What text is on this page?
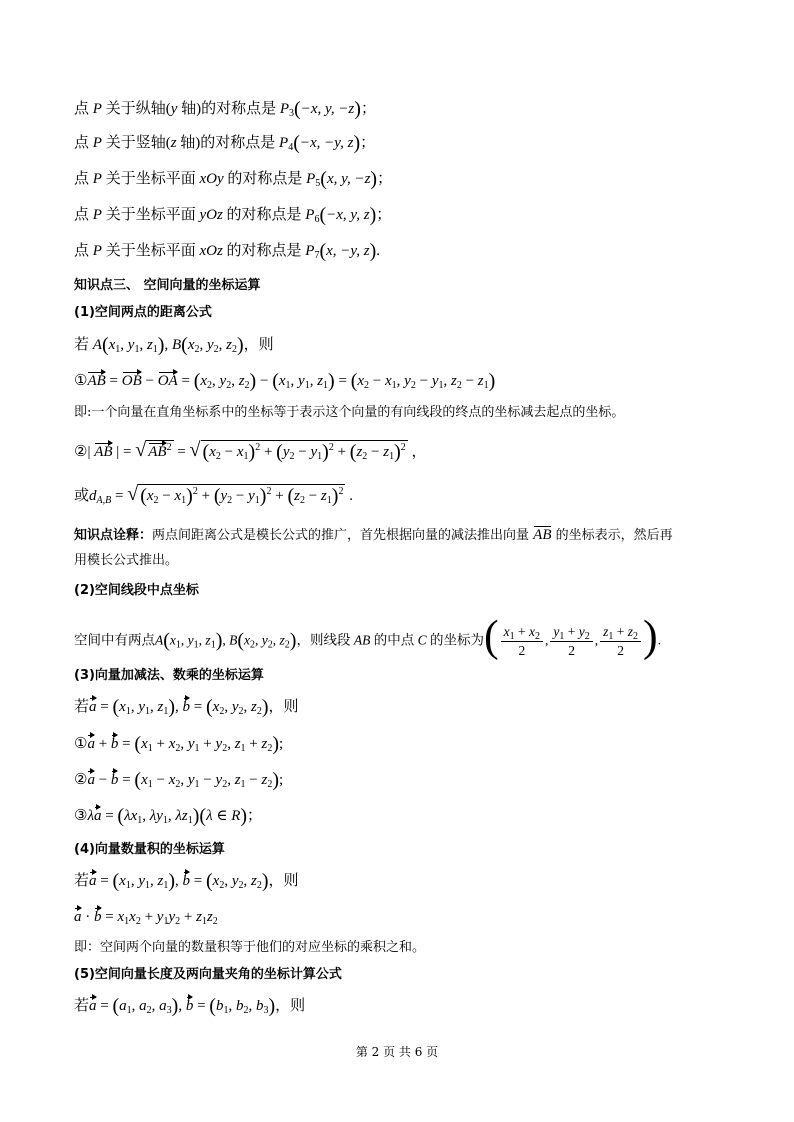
点 P 关于纵轴(y 轴)的对称点是 $P_3(-x$, y, −z)；
点 P 关于竖轴(z 轴)的对称点是 $P_4(-x$, −y, z)；
点 P 关于坐标平面 xOy 的对称点是 $P_5(x$, y, −z)；
点 P 关于坐标平面 yOz 的对称点是 $P_6(-x$, y, z)；
点 P 关于坐标平面 xOz 的对称点是 $P_7(x$, −y, z).
知识点三、 空间向量的坐标运算
(1)空间两点的距离公式
若 $A(x_1$, $y_1$, $z_1$), $B(x_2$, $y_2$, $z_2$)，则
①AB = OB − OA = ($x_2$, $y_2$, $z_2) - (x_1$, $y_1$, $z_1) = (x_2 - x_1$, $y_2 - y_1$, $z_2 - z_1$)
即:一个向量在直角坐标系中的坐标等于表示这个向量的有向线段的终点的坐标减去起点的坐标。
②| AB | = √ $AB^2$ = √ $(x_2 - x_1)^2 + (y_2 - y_1)^2 + (z_2 - z_1)^2$ ，
或$d_{A,B}$ = √ $(x_2 - x_1)^2 + (y_2 - y_1)^2 + (z_2 - z_1)^2$ .
知识点诠释：两点间距离公式是模长公式的推广，首先根据向量的减法推出向量 AB 的坐标表示，然后再
用模长公式推出。
(2)空间线段中点坐标
空间中有两点$A(x_1$, $y_1$, $z_1$), $B(x_2$, $y_2$, $z_2$)，则线段 AB 的中点 C 的坐标为( $\frac{x_1 + x_2}{2}$ , $\frac{y_1 + y_2}{2}$ , $\frac{z_1 + z_2}{2}$ ).
(3)向量加减法、数乘的坐标运算
若$a = (x_1$, $y_1$, $z_1$), $b = (x_2$, $y_2$, $z_2$)，则
①a + $b = (x_1 + x_2$, $y_1 + y_2$, $z_1 + z_2$);
②a − $b = (x_1 - x_2$, $y_1 - y_2$, $z_1 - z_2$);
③λa = ($\lambda x_1$, $\lambda y_1$, $\lambda z_1)(\lambda$ ∈ R)；
(4)向量数量积的坐标运算
若$a = (x_1$, $y_1$, $z_1$), $b = (x_2$, $y_2$, $z_2$)，则
$a \cdot b = x_1x_2 + y_1y_2 + z_1z_2$
即：空间两个向量的数量积等于他们的对应坐标的乘积之和。
(5)空间向量长度及两向量夹角的坐标计算公式
若$a = (a_1$, $a_2$, $a_3$), $b = (b_1$, $b_2$, $b_3$)，则
第 2 页 共 6 页
